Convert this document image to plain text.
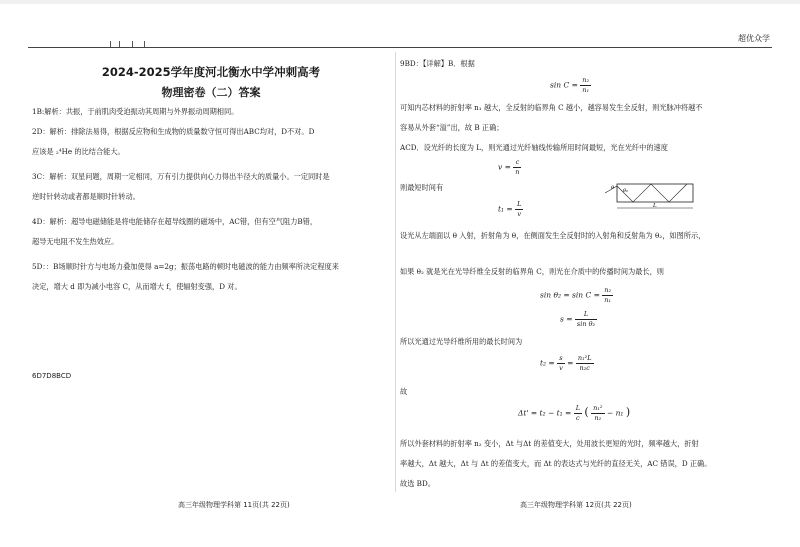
超优众学
2024-2025学年度河北衡水中学冲刺高考
物理密卷（二）答案
1B:解析：共振，于前肌肉受迫振动其周期与外界振动周期相同。
2D：解析：排除法易得，根据反应物和生成物的质量数守恒可得出ABC均对，D不对。D
应该是 ₂⁴He 的比结合能大。
3C：解析：双星问题，周期一定相同，万有引力提供向心力得出半径大的质量小。一定同时是
逆时针转动或者都是顺时针转动。
4D：解析：超导电磁储能是将电能储存在超导线圈的磁场中，AC错，但有空气阻力B错，
超导无电阻不发生热效应。
5D：：B场顺时针方与电场力叠加使得 a=2g；振荡电路的顿时电磁波的能力由频率所决定程度来
决定，增大 d 即为减小电容 C，从而增大 f，使辐射变强，D 对。
6D7D8BCD
高三年级物理学科第 11页(共 22页)
9BD：【详解】B．根据
$\sin C = \frac{\text{n₂}}{\text{n₁}}$
可知内芯材料的折射率 n₁ 越大，全反射的临界角 C 越小，越容易发生全反射，则光脉冲将越不
容易从外套“溢”出，故 B 正确；
ACD．设光纤的长度为 L，则光通过光纤轴线传输所用时间最短，光在光纤中的速度
$v = \frac{c}{n}$
则最短时间有
$t_1 = \frac{L}{v}$
θ θ₂
L
设光从左端面以 θ 入射，折射角为 θ，在侧面发生全反射时的入射角和反射角为 θ₂，如图所示，
如果 θ₂ 就是光在光导纤维全反射的临界角 C，则光在介质中的传播时间为最长，则
$\sin \theta_2 = \sin C = \frac{\text{n₂}}{\text{n₁}}$
$s = \frac{L}{\text{sin θ₂}}$
所以光通过光导纤维所用的最长时间为
$t_2 = \frac{s}{v} = \frac{\text{n₁²L}}{\text{n₂c}}$
故
$\Delta t' = t_2 - t_1 = \frac{L}{c}$ ( $\frac{\text{n₁²}}{\text{n₂}} - n_1$ )
所以外套材料的折射率 n₂ 变小，Δt 与Δt 的差值变大，处用波长更短的光时，频率越大，折射
率越大，Δt 越大，Δt 与 Δt 的差值变大，而 Δt 的表达式与光纤的直径无关，AC 错误，D 正确。
故选 BD。
高三年级物理学科第 12页(共 22页)
